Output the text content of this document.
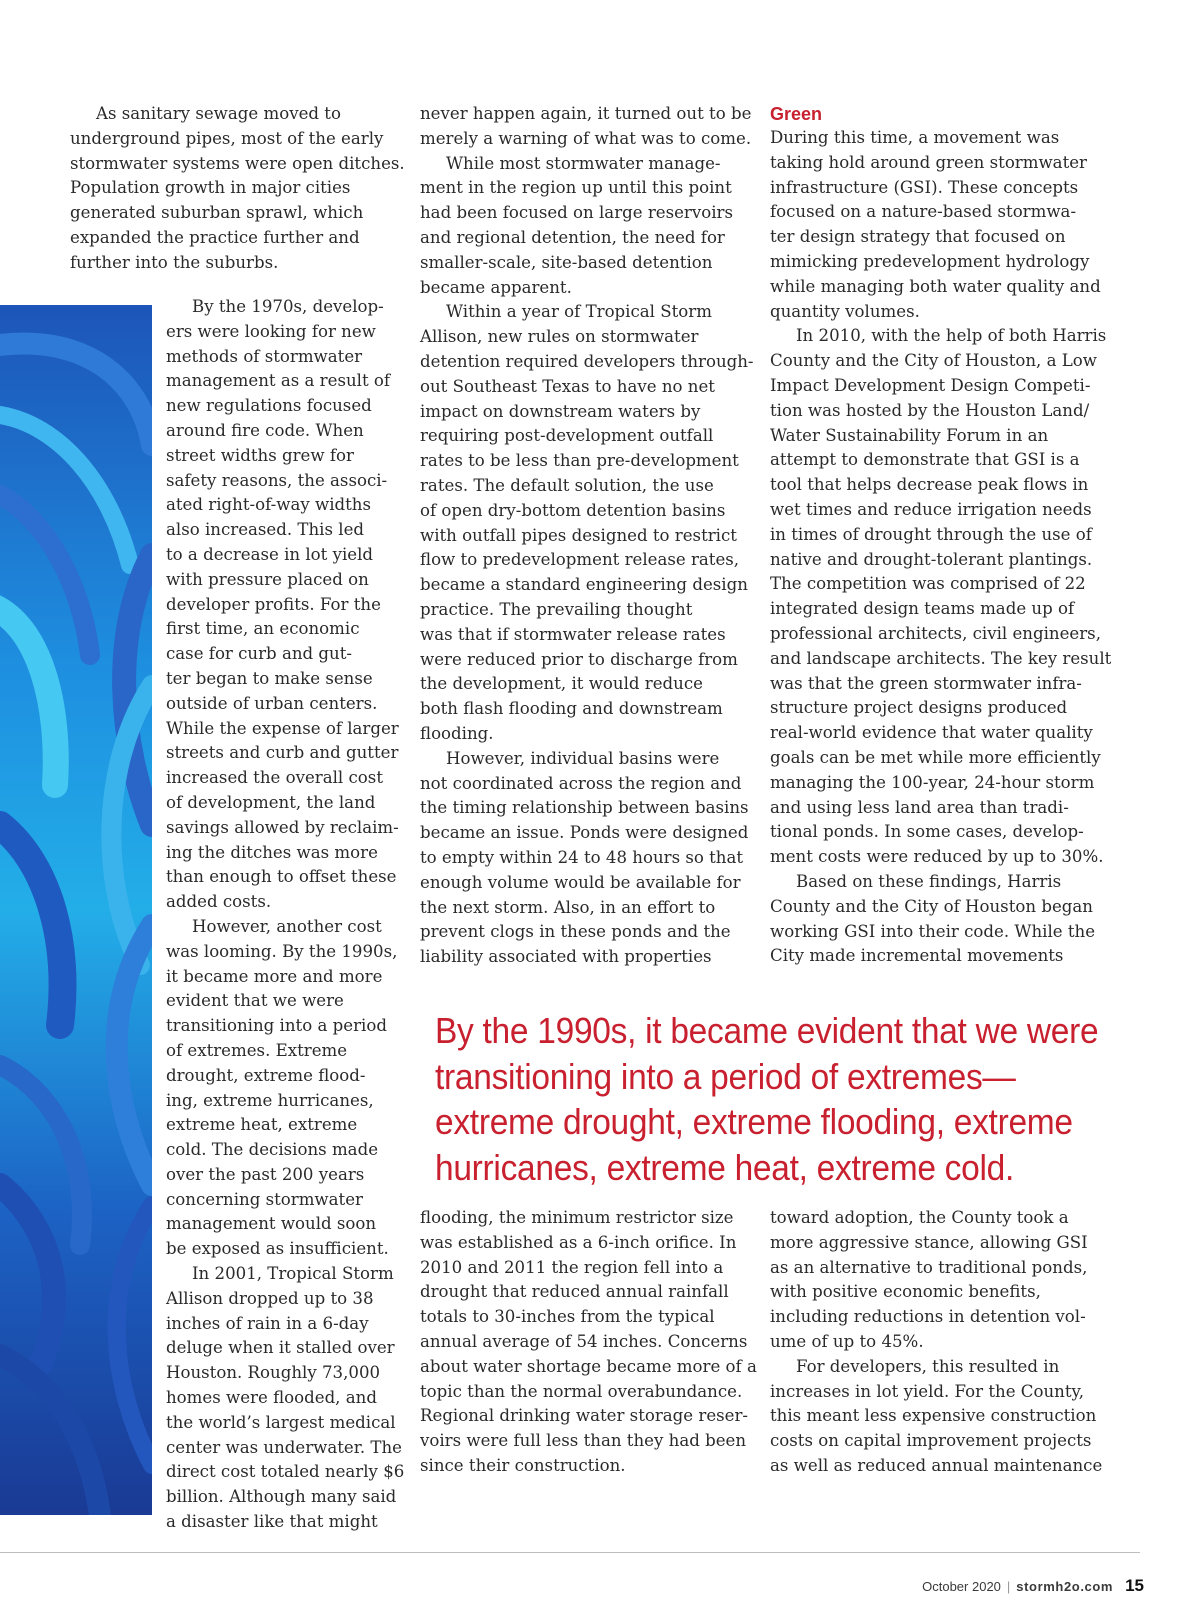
As sanitary sewage moved to
underground pipes, most of the early
stormwater systems were open ditches.
Population growth in major cities
generated suburban sprawl, which
expanded the practice further and
further into the suburbs.

By the 1970s, develop-
ers were looking for new
methods of stormwater
management as a result of
new regulations focused
around fire code. When
street widths grew for
safety reasons, the associ-
ated right-of-way widths
also increased. This led
to a decrease in lot yield
with pressure placed on
developer profits. For the
first time, an economic
case for curb and gut-
ter began to make sense
outside of urban centers.
While the expense of larger
streets and curb and gutter
increased the overall cost
of development, the land
savings allowed by reclaim-
ing the ditches was more
than enough to offset these
added costs.

However, another cost
was looming. By the 1990s,
it became more and more
evident that we were
transitioning into a period
of extremes. Extreme
drought, extreme flood-
ing, extreme hurricanes,
extreme heat, extreme
cold. The decisions made
over the past 200 years
concerning stormwater
management would soon
be exposed as insufficient.

In 2001, Tropical Storm
Allison dropped up to 38
inches of rain in a 6-day
deluge when it stalled over
Houston. Roughly 73,000
homes were flooded, and
the world’s largest medical
center was underwater. The
direct cost totaled nearly $6
billion. Although many said
a disaster like that might

never happen again, it turned out to be
merely a warning of what was to come.

While most stormwater manage-
ment in the region up until this point
had been focused on large reservoirs
and regional detention, the need for
smaller-scale, site-based detention
became apparent.

Within a year of Tropical Storm
Allison, new rules on stormwater
detention required developers through-
out Southeast Texas to have no net
impact on downstream waters by
requiring post-development outfall
rates to be less than pre-development
rates. The default solution, the use
of open dry-bottom detention basins
with outfall pipes designed to restrict
flow to predevelopment release rates,
became a standard engineering design
practice. The prevailing thought
was that if stormwater release rates
were reduced prior to discharge from
the development, it would reduce
both flash flooding and downstream
flooding.

However, individual basins were
not coordinated across the region and
the timing relationship between basins
became an issue. Ponds were designed
to empty within 24 to 48 hours so that
enough volume would be available for
the next storm. Also, in an effort to
prevent clogs in these ponds and the
liability associated with properties

Green

During this time, a movement was
taking hold around green stormwater
infrastructure (GSI). These concepts
focused on a nature-based stormwa-
ter design strategy that focused on
mimicking predevelopment hydrology
while managing both water quality and
quantity volumes.

In 2010, with the help of both Harris
County and the City of Houston, a Low
Impact Development Design Competi-
tion was hosted by the Houston Land/
Water Sustainability Forum in an
attempt to demonstrate that GSI is a
tool that helps decrease peak flows in
wet times and reduce irrigation needs
in times of drought through the use of
native and drought-tolerant plantings.
The competition was comprised of 22
integrated design teams made up of
professional architects, civil engineers,
and landscape architects. The key result
was that the green stormwater infra-
structure project designs produced
real-world evidence that water quality
goals can be met while more efficiently
managing the 100-year, 24-hour storm
and using less land area than tradi-
tional ponds. In some cases, develop-
ment costs were reduced by up to 30%.

Based on these findings, Harris
County and the City of Houston began
working GSI into their code. While the
City made incremental movements

By the 1990s, it became evident that we were
transitioning into a period of extremes—
extreme drought, extreme flooding, extreme
hurricanes, extreme heat, extreme cold.

flooding, the minimum restrictor size
was established as a 6-inch orifice. In
2010 and 2011 the region fell into a
drought that reduced annual rainfall
totals to 30-inches from the typical
annual average of 54 inches. Concerns
about water shortage became more of a
topic than the normal overabundance.
Regional drinking water storage reser-
voirs were full less than they had been
since their construction.

toward adoption, the County took a
more aggressive stance, allowing GSI
as an alternative to traditional ponds,
with positive economic benefits,
including reductions in detention vol-
ume of up to 45%.

For developers, this resulted in
increases in lot yield. For the County,
this meant less expensive construction
costs on capital improvement projects
as well as reduced annual maintenance

October 2020 | stormh2o.com 15
